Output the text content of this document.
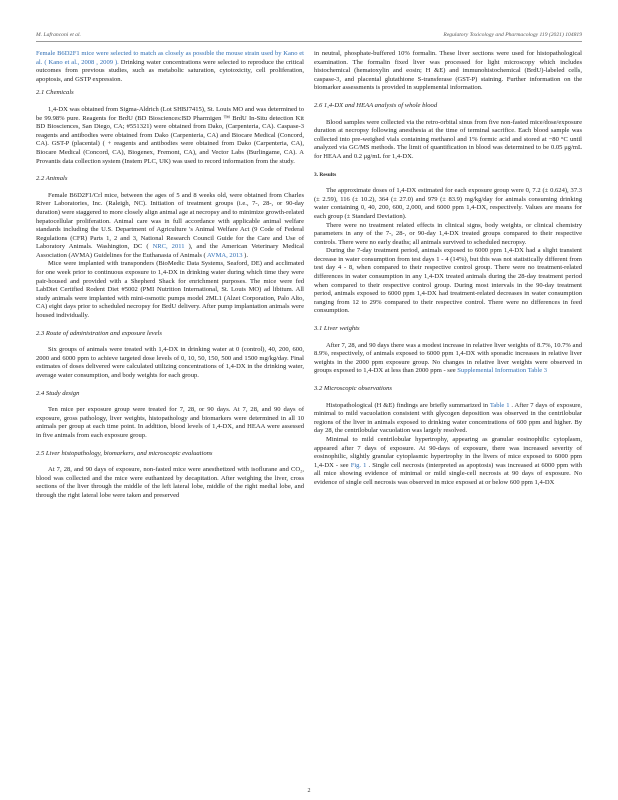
M. Lafranconi et al.	Regulatory Toxicology and Pharmacology 119 (2021) 104819

Female B6D2F1 mice were selected to match as closely as possible the mouse strain used by Kano et al. ( Kano et al., 2008 , 2009 ). Drinking water concentrations were selected to reproduce the critical outcomes from previous studies, such as metabolic saturation, cytotoxicity, cell proliferation, apoptosis, and GSTP expression.

2.1 Chemicals

1,4-DX was obtained from Sigma-Aldrich (Lot SHBJ7415), St. Louis MO and was determined to be 99.98% pure. Reagents for BrdU (BD Biosciences:BD Pharmigen ™ BrdU In-Situ detection Kit BD Biosciences, San Diego, CA; #551321) were obtained from Dako, (Carpenteria, CA). Caspase-3 reagents and antibodies were obtained from Dako (Carpenteria, CA) and Biocare Medical (Concord, CA). GST-P (placental) ( + reagents and antibodies were obtained from Dako (Carpenteria, CA), Biocare Medical (Concord, CA), Biogenex, Fremont, CA), and Vector Labs (Burlingame, CA). A Provantis data collection system (Instem PLC, UK) was used to record information from the study.

2.2 Animals

Female B6D2F1/Crl mice, between the ages of 5 and 8 weeks old, were obtained from Charles River Laboratories, Inc. (Raleigh, NC). Initiation of treatment groups (i.e., 7-, 28-, or 90-day duration) were staggered to more closely align animal age at necropsy and to minimize growth-related hepatocellular proliferation. Animal care was in full accordance with applicable animal welfare standards including the U.S. Department of Agriculture 's Animal Welfare Act (9 Code of Federal Regulations (CFR) Parts 1, 2 and 3, National Research Council Guide for the Care and Use of Laboratory Animals. Washington, DC ( NRC, 2011 ), and the American Veterinary Medical Association (AVMA) Guidelines for the Euthanasia of Animals ( AVMA, 2013 ).

Mice were implanted with transponders (BioMedic Data Systems, Seaford, DE) and acclimated for one week prior to continuous exposure to 1,4-DX in drinking water during which time they were pair-housed and provided with a Shepherd Shack for enrichment purposes. The mice were fed LabDiet Certified Rodent Diet #5002 (PMI Nutrition International, St. Louis MO) ad libitum. All study animals were implanted with mini-osmotic pumps model 2ML1 (Alzet Corporation, Palo Alto, CA) eight days prior to scheduled necropsy for BrdU delivery. After pump implantation animals were housed individually.

2.3 Route of administration and exposure levels

Six groups of animals were treated with 1,4-DX in drinking water at 0 (control), 40, 200, 600, 2000 and 6000 ppm to achieve targeted dose levels of 0, 10, 50, 150, 500 and 1500 mg/kg/day. Final estimates of doses delivered were calculated utilizing concentrations of 1,4-DX in the drinking water, average water consumption, and body weights for each group.

2.4 Study design

Ten mice per exposure group were treated for 7, 28, or 90 days. At 7, 28, and 90 days of exposure, gross pathology, liver weights, histopathology and biomarkers were determined in all 10 animals per group at each time point. In addition, blood levels of 1,4-DX, and HEAA were assessed in five animals from each exposure group.

2.5 Liver histopathology, biomarkers, and microscopic evaluations

At 7, 28, and 90 days of exposure, non-fasted mice were anesthetized with isoflurane and CO₂, blood was collected and the mice were euthanized by decapitation. After weighing the liver, cross sections of the liver through the middle of the left lateral lobe, middle of the right medial lobe, and through the right lateral lobe were taken and preserved

in neutral, phosphate-buffered 10% formalin. These liver sections were used for histopathological examination. The formalin fixed liver was processed for light microscopy which includes histochemical (hematoxylin and eosin; H &E) and immunohistochemical (BrdU)-labeled cells, caspase-3, and placental glutathione S-transferase (GST-P) staining. Further information on the biomarker assessments is provided in supplemental information.

2.6 1,4-DX and HEAA analysis of whole blood

Blood samples were collected via the retro-orbital sinus from five non-fasted mice/dose/exposure duration at necropsy following anesthesia at the time of terminal sacrifice. Each blood sample was collected into pre-weighed vials containing methanol and 1% formic acid and stored at −80 °C until analyzed via GC/MS methods. The limit of quantification in blood was determined to be 0.05 μg/mL for HEAA and 0.2 μg/mL for 1,4-DX.

3. Results

The approximate doses of 1,4-DX estimated for each exposure group were 0, 7.2 (± 0.624), 37.3 (± 2.59), 116 (± 10.2), 364 (± 27.0) and 979 (± 83.9) mg/kg/day for animals consuming drinking water containing 0, 40, 200, 600, 2,000, and 6000 ppm 1,4-DX, respectively. Values are means for each group (± Standard Deviation).

There were no treatment related effects in clinical signs, body weights, or clinical chemistry parameters in any of the 7-, 28-, or 90-day 1,4-DX treated groups compared to their respective controls. There were no early deaths; all animals survived to scheduled necropsy.

During the 7-day treatment period, animals exposed to 6000 ppm 1,4-DX had a slight transient decrease in water consumption from test days 1 - 4 (14%), but this was not statistically different from test day 4 - 8, when compared to their respective control group. There were no treatment-related differences in water consumption in any 1,4-DX treated animals during the 28-day treatment period when compared to their respective control group. During most intervals in the 90-day treatment period, animals exposed to 6000 ppm 1,4-DX had treatment-related decreases in water consumption ranging from 12 to 29% compared to their respective control. There were no differences in feed consumption.

3.1 Liver weights

After 7, 28, and 90 days there was a modest increase in relative liver weights of 8.7%, 10.7% and 8.9%, respectively, of animals exposed to 6000 ppm 1,4-DX with sporadic increases in relative liver weights in the 2000 ppm exposure group. No changes in relative liver weights were observed in groups exposed to 1,4-DX at less than 2000 ppm - see Supplemental Information Table 3

3.2 Microscopic observations

Histopathological (H &E) findings are briefly summarized in Table 1 . After 7 days of exposure, minimal to mild vacuolation consistent with glycogen deposition was observed in the centrilobular regions of the liver in animals exposed to drinking water concentrations of 600 ppm and higher. By day 28, the centrilobular vacuolation was largely resolved.

Minimal to mild centrilobular hypertrophy, appearing as granular eosinophilic cytoplasm, appeared after 7 days of exposure. At 90-days of exposure, there was increased severity of eosinophilic, slightly granular cytoplasmic hypertrophy in the livers of mice exposed to 6000 ppm 1,4-DX - see Fig. 1 . Single cell necrosis (interpreted as apoptosis) was increased at 6000 ppm with all mice showing evidence of minimal or mild single-cell necrosis at 90 days of exposure. No evidence of single cell necrosis was observed in mice exposed at or below 600 ppm 1,4-DX

2
